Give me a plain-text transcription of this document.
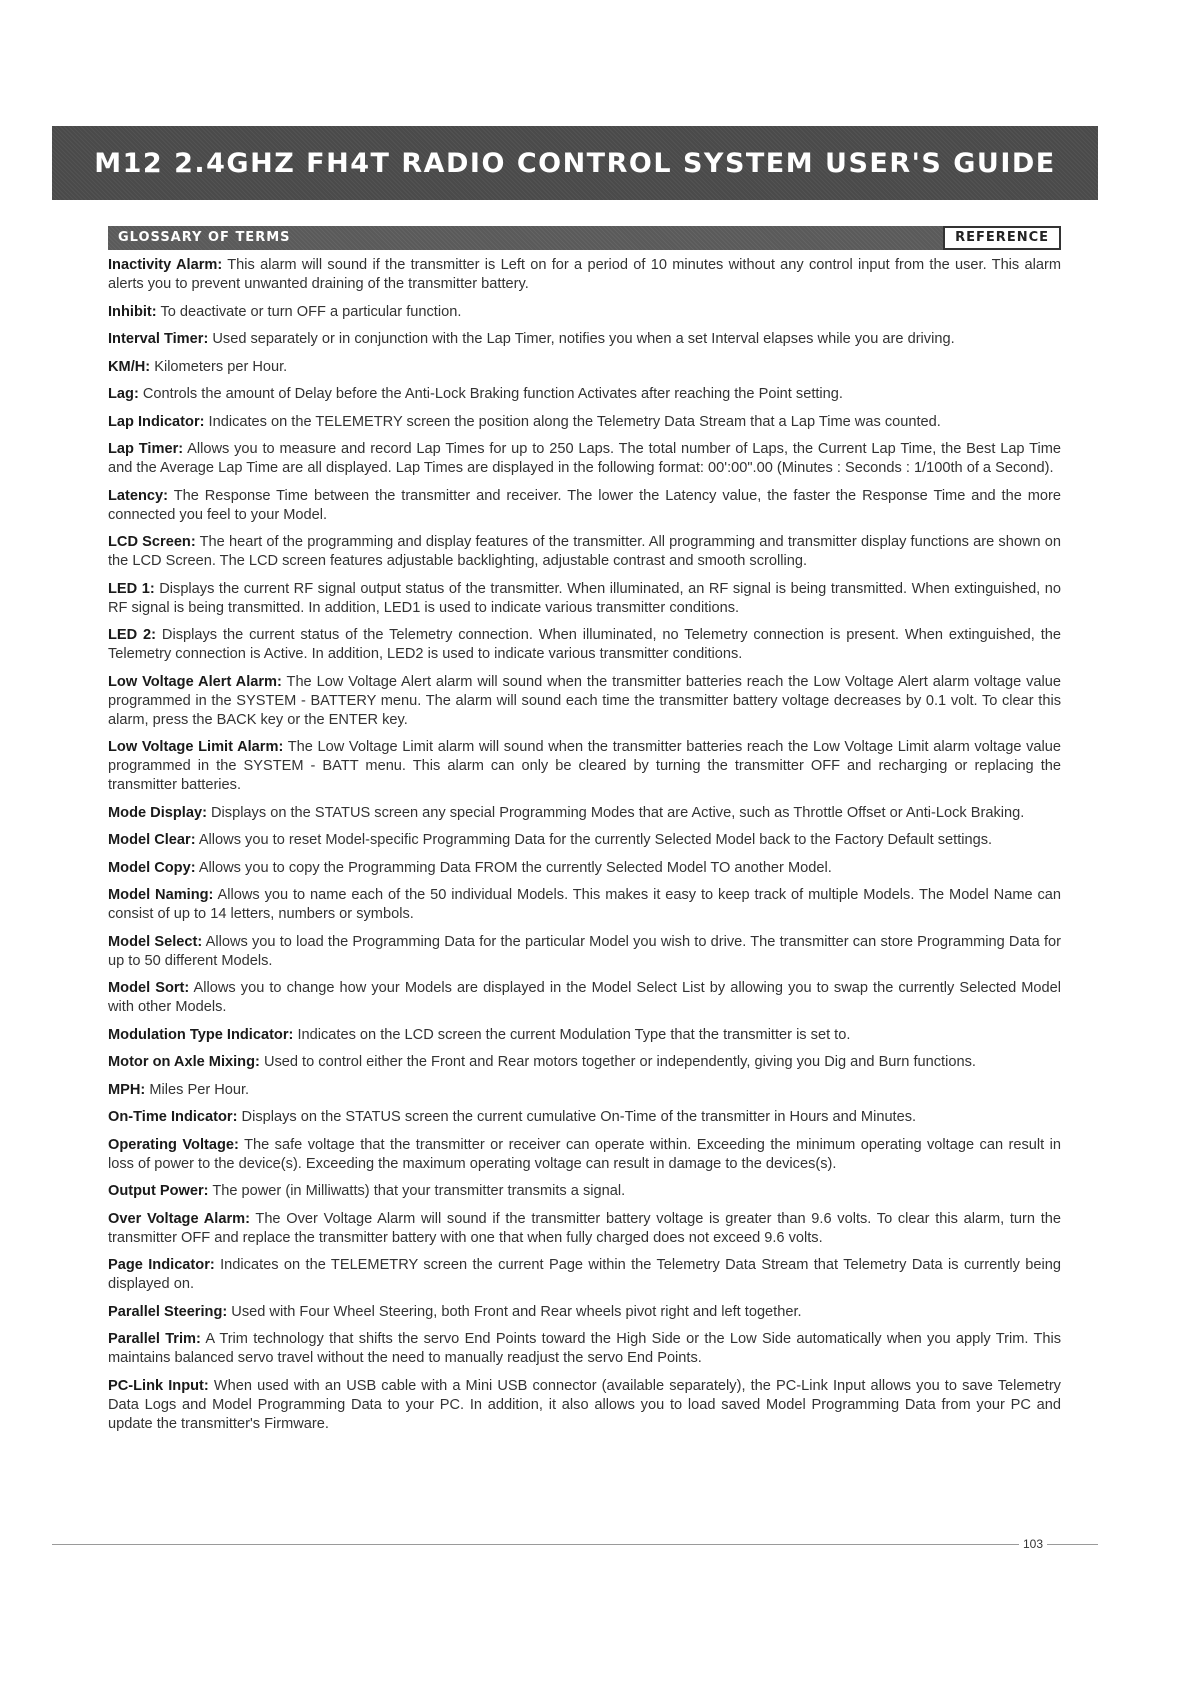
M12 2.4GHZ FH4T RADIO CONTROL SYSTEM USER'S GUIDE
GLOSSARY OF TERMS	REFERENCE

Inactivity Alarm: This alarm will sound if the transmitter is Left on for a period of 10 minutes without any control input from the user. This alarm alerts you to prevent unwanted draining of the transmitter battery.

Inhibit: To deactivate or turn OFF a particular function.

Interval Timer: Used separately or in conjunction with the Lap Timer, notifies you when a set Interval elapses while you are driving.

KM/H: Kilometers per Hour.

Lag: Controls the amount of Delay before the Anti-Lock Braking function Activates after reaching the Point setting.

Lap Indicator: Indicates on the TELEMETRY screen the position along the Telemetry Data Stream that a Lap Time was counted.

Lap Timer: Allows you to measure and record Lap Times for up to 250 Laps. The total number of Laps, the Current Lap Time, the Best Lap Time and the Average Lap Time are all displayed. Lap Times are displayed in the following format: 00':00".00 (Minutes : Seconds : 1/100th of a Second).

Latency: The Response Time between the transmitter and receiver. The lower the Latency value, the faster the Response Time and the more connected you feel to your Model.

LCD Screen: The heart of the programming and display features of the transmitter. All programming and transmitter display functions are shown on the LCD Screen. The LCD screen features adjustable backlighting, adjustable contrast and smooth scrolling.

LED 1: Displays the current RF signal output status of the transmitter. When illuminated, an RF signal is being transmitted. When extinguished, no RF signal is being transmitted. In addition, LED1 is used to indicate various transmitter conditions.

LED 2: Displays the current status of the Telemetry connection. When illuminated, no Telemetry connection is present. When extinguished, the Telemetry connection is Active. In addition, LED2 is used to indicate various transmitter conditions.

Low Voltage Alert Alarm: The Low Voltage Alert alarm will sound when the transmitter batteries reach the Low Voltage Alert alarm voltage value programmed in the SYSTEM - BATTERY menu. The alarm will sound each time the transmitter battery voltage decreases by 0.1 volt. To clear this alarm, press the BACK key or the ENTER key.

Low Voltage Limit Alarm: The Low Voltage Limit alarm will sound when the transmitter batteries reach the Low Voltage Limit alarm voltage value programmed in the SYSTEM - BATT menu. This alarm can only be cleared by turning the transmitter OFF and recharging or replacing the transmitter batteries.

Mode Display: Displays on the STATUS screen any special Programming Modes that are Active, such as Throttle Offset or Anti-Lock Braking.

Model Clear: Allows you to reset Model-specific Programming Data for the currently Selected Model back to the Factory Default settings.

Model Copy: Allows you to copy the Programming Data FROM the currently Selected Model TO another Model.

Model Naming: Allows you to name each of the 50 individual Models. This makes it easy to keep track of multiple Models. The Model Name can consist of up to 14 letters, numbers or symbols.

Model Select: Allows you to load the Programming Data for the particular Model you wish to drive. The transmitter can store Programming Data for up to 50 different Models.

Model Sort: Allows you to change how your Models are displayed in the Model Select List by allowing you to swap the currently Selected Model with other Models.

Modulation Type Indicator: Indicates on the LCD screen the current Modulation Type that the transmitter is set to.

Motor on Axle Mixing: Used to control either the Front and Rear motors together or independently, giving you Dig and Burn functions.

MPH: Miles Per Hour.

On-Time Indicator: Displays on the STATUS screen the current cumulative On-Time of the transmitter in Hours and Minutes.

Operating Voltage: The safe voltage that the transmitter or receiver can operate within. Exceeding the minimum operating voltage can result in loss of power to the device(s). Exceeding the maximum operating voltage can result in damage to the devices(s).

Output Power: The power (in Milliwatts) that your transmitter transmits a signal.

Over Voltage Alarm: The Over Voltage Alarm will sound if the transmitter battery voltage is greater than 9.6 volts. To clear this alarm, turn the transmitter OFF and replace the transmitter battery with one that when fully charged does not exceed 9.6 volts.

Page Indicator: Indicates on the TELEMETRY screen the current Page within the Telemetry Data Stream that Telemetry Data is currently being displayed on.

Parallel Steering: Used with Four Wheel Steering, both Front and Rear wheels pivot right and left together.

Parallel Trim: A Trim technology that shifts the servo End Points toward the High Side or the Low Side automatically when you apply Trim. This maintains balanced servo travel without the need to manually readjust the servo End Points.

PC-Link Input: When used with an USB cable with a Mini USB connector (available separately), the PC-Link Input allows you to save Telemetry Data Logs and Model Programming Data to your PC. In addition, it also allows you to load saved Model Programming Data from your PC and update the transmitter's Firmware.

103
